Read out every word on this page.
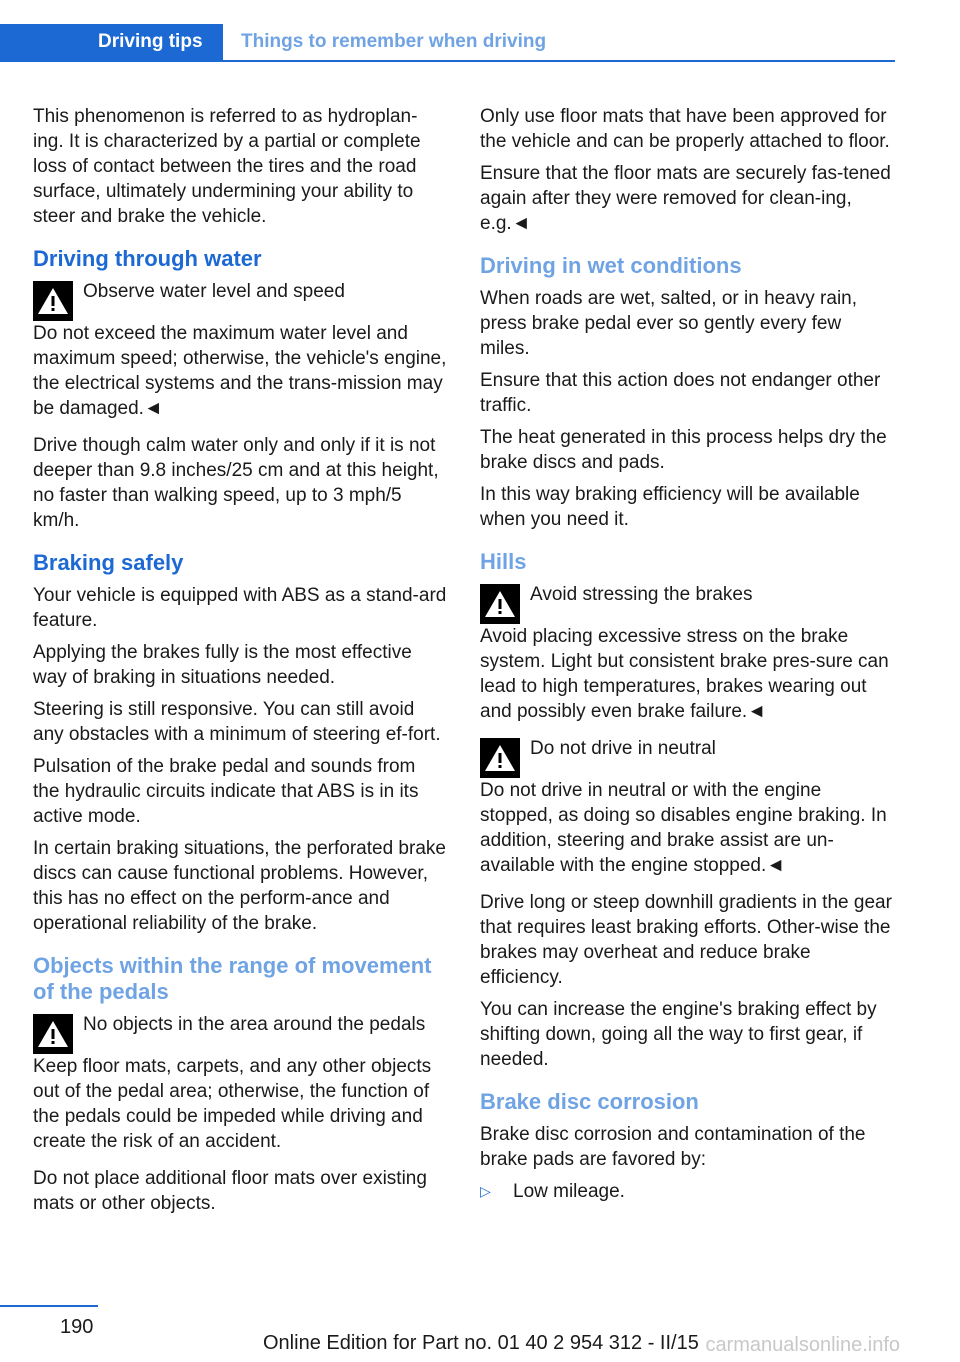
Driving tips	Things to remember when driving

This phenomenon is referred to as hydroplan-ing. It is characterized by a partial or complete loss of contact between the tires and the road surface, ultimately undermining your ability to steer and brake the vehicle.

Driving through water

Observe water level and speed

Do not exceed the maximum water level and maximum speed; otherwise, the vehicle's engine, the electrical systems and the trans-mission may be damaged.◄

Drive though calm water only and only if it is not deeper than 9.8 inches/25 cm and at this height, no faster than walking speed, up to 3 mph/5 km/h.

Braking safely

Your vehicle is equipped with ABS as a stand-ard feature.

Applying the brakes fully is the most effective way of braking in situations needed.

Steering is still responsive. You can still avoid any obstacles with a minimum of steering ef-fort.

Pulsation of the brake pedal and sounds from the hydraulic circuits indicate that ABS is in its active mode.

In certain braking situations, the perforated brake discs can cause functional problems. However, this has no effect on the perform-ance and operational reliability of the brake.

Objects within the range of movement of the pedals

No objects in the area around the pedals

Keep floor mats, carpets, and any other objects out of the pedal area; otherwise, the function of the pedals could be impeded while driving and create the risk of an accident.

Do not place additional floor mats over existing mats or other objects.

Only use floor mats that have been approved for the vehicle and can be properly attached to floor.

Ensure that the floor mats are securely fas-tened again after they were removed for clean-ing, e.g.◄

Driving in wet conditions

When roads are wet, salted, or in heavy rain, press brake pedal ever so gently every few miles.

Ensure that this action does not endanger other traffic.

The heat generated in this process helps dry the brake discs and pads.

In this way braking efficiency will be available when you need it.

Hills

Avoid stressing the brakes

Avoid placing excessive stress on the brake system. Light but consistent brake pres-sure can lead to high temperatures, brakes wearing out and possibly even brake failure.◄

Do not drive in neutral

Do not drive in neutral or with the engine stopped, as doing so disables engine braking. In addition, steering and brake assist are un-available with the engine stopped.◄

Drive long or steep downhill gradients in the gear that requires least braking efforts. Other-wise the brakes may overheat and reduce brake efficiency.

You can increase the engine's braking effect by shifting down, going all the way to first gear, if needed.

Brake disc corrosion

Brake disc corrosion and contamination of the brake pads are favored by:

▷	Low mileage.
190
Online Edition for Part no. 01 40 2 954 312 - II/15 carmanualsonline.info
